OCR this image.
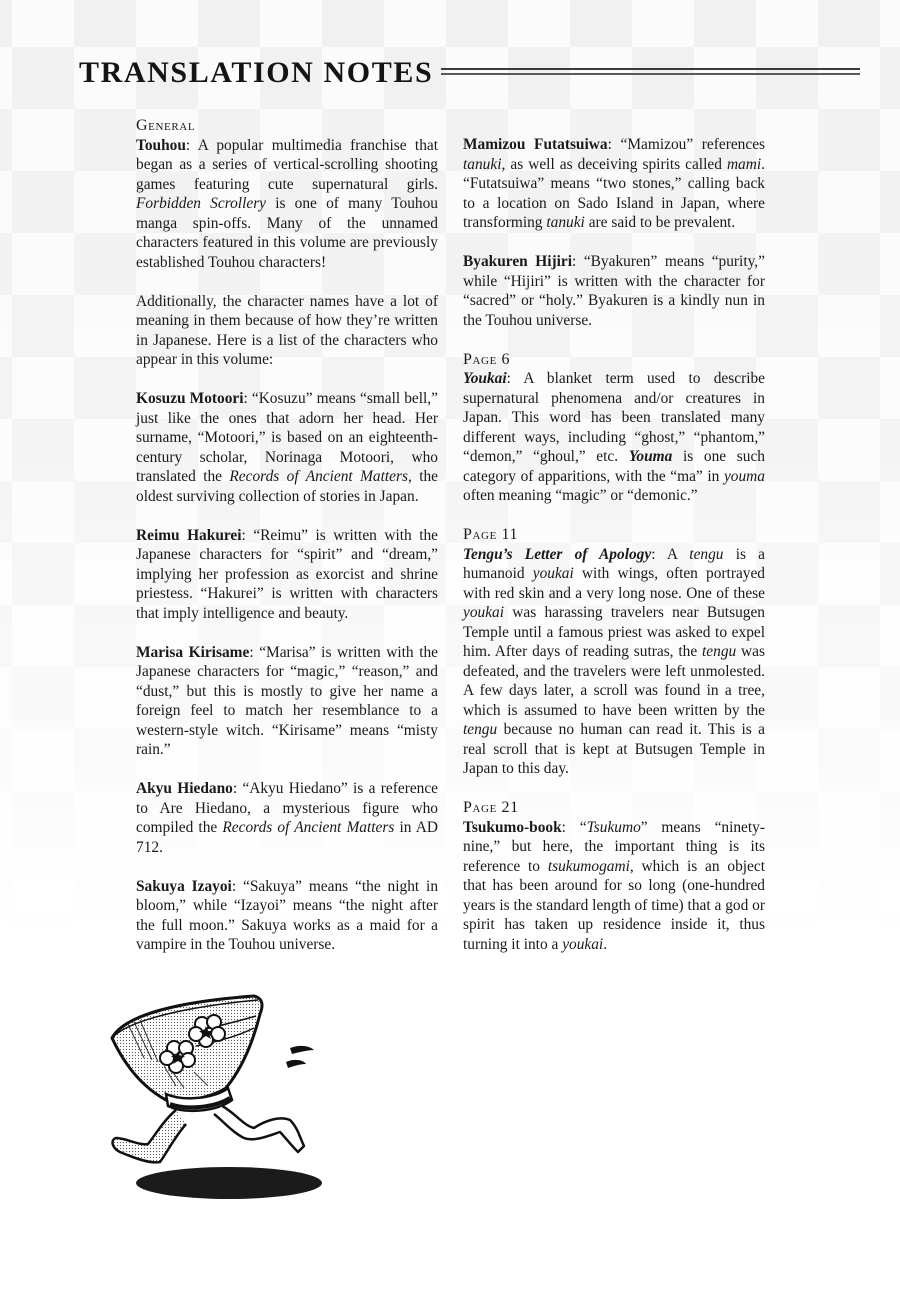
TRANSLATION NOTES
General

Touhou: A popular multimedia franchise that began as a series of vertical-scrolling shooting games featuring cute supernatural girls. Forbidden Scrollery is one of many Touhou manga spin-offs. Many of the unnamed characters featured in this volume are previously established Touhou characters!

Additionally, the character names have a lot of meaning in them because of how they’re written in Japanese. Here is a list of the characters who appear in this volume:

Kosuzu Motoori: “Kosuzu” means “small bell,” just like the ones that adorn her head. Her surname, “Motoori,” is based on an eighteenth-century scholar, Norinaga Motoori, who translated the Records of Ancient Matters, the oldest surviving collection of stories in Japan.

Reimu Hakurei: “Reimu” is written with the Japanese characters for “spirit” and “dream,” implying her profession as exorcist and shrine priestess. “Hakurei” is written with characters that imply intelligence and beauty.

Marisa Kirisame: “Marisa” is written with the Japanese characters for “magic,” “reason,” and “dust,” but this is mostly to give her name a foreign feel to match her resemblance to a western-style witch. “Kirisame” means “misty rain.”

Akyu Hiedano: “Akyu Hiedano” is a reference to Are Hiedano, a mysterious figure who compiled the Records of Ancient Matters in AD 712.

Sakuya Izayoi: “Sakuya” means “the night in bloom,” while “Izayoi” means “the night after the full moon.” Sakuya works as a maid for a vampire in the Touhou universe.

Mamizou Futatsuiwa: “Mamizou” references tanuki, as well as deceiving spirits called mami. “Futatsuiwa” means “two stones,” calling back to a location on Sado Island in Japan, where transforming tanuki are said to be prevalent.

Byakuren Hijiri: “Byakuren” means “purity,” while “Hijiri” is written with the character for “sacred” or “holy.” Byakuren is a kindly nun in the Touhou universe.

Page 6

Youkai: A blanket term used to describe supernatural phenomena and/or creatures in Japan. This word has been translated many different ways, including “ghost,” “phantom,” “demon,” “ghoul,” etc. Youma is one such category of apparitions, with the “ma” in youma often meaning “magic” or “demonic.”

Page 11

Tengu’s Letter of Apology: A tengu is a humanoid youkai with wings, often portrayed with red skin and a very long nose. One of these youkai was harassing travelers near Butsugen Temple until a famous priest was asked to expel him. After days of reading sutras, the tengu was defeated, and the travelers were left unmolested. A few days later, a scroll was found in a tree, which is assumed to have been written by the tengu because no human can read it. This is a real scroll that is kept at Butsugen Temple in Japan to this day.

Page 21

Tsukumo-book: “Tsukumo” means “ninety-nine,” but here, the important thing is its reference to tsukumogami, which is an object that has been around for so long (one-hundred years is the standard length of time) that a god or spirit has taken up residence inside it, thus turning it into a youkai.
